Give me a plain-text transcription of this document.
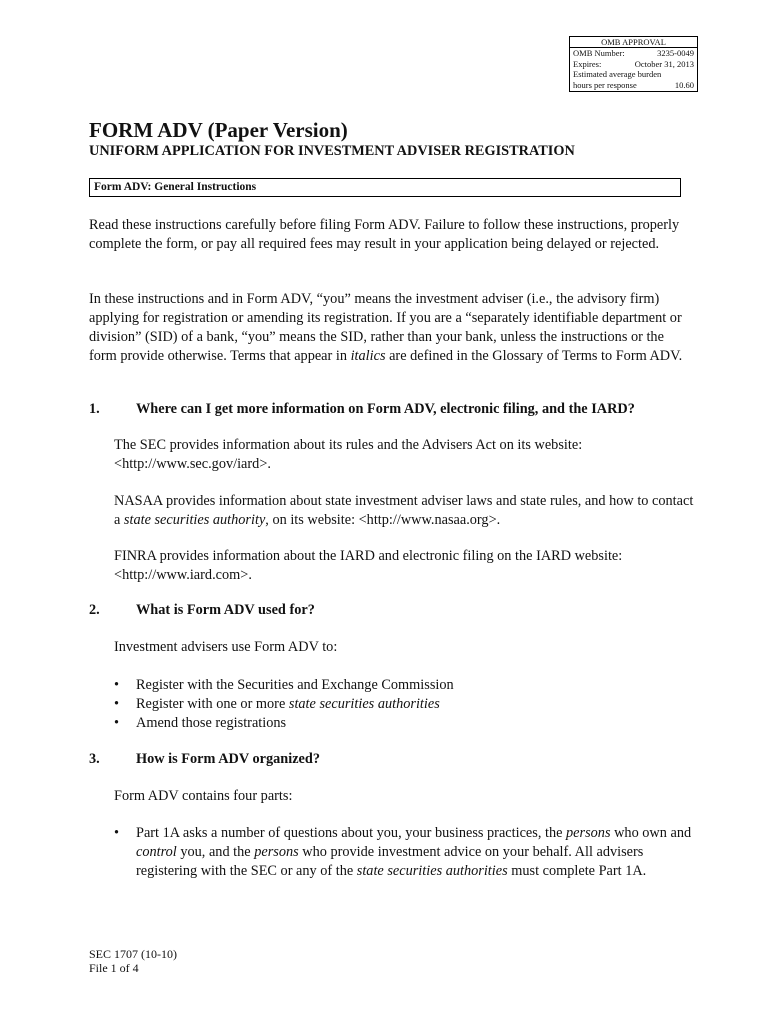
OMB APPROVAL
OMB Number:	3235-0049
Expires:	October 31, 2013
Estimated average burden
hours per response	10.60
FORM ADV (Paper Version)
UNIFORM APPLICATION FOR INVESTMENT ADVISER REGISTRATION
Form ADV: General Instructions
Read these instructions carefully before filing Form ADV. Failure to follow these instructions, properly complete the form, or pay all required fees may result in your application being delayed or rejected.
In these instructions and in Form ADV, “you” means the investment adviser (i.e., the advisory firm) applying for registration or amending its registration. If you are a “separately identifiable department or division” (SID) of a bank, “you” means the SID, rather than your bank, unless the instructions or the form provide otherwise. Terms that appear in italics are defined in the Glossary of Terms to Form ADV.
1.	Where can I get more information on Form ADV, electronic filing, and the IARD?
The SEC provides information about its rules and the Advisers Act on its website: <http://www.sec.gov/iard>.
NASAA provides information about state investment adviser laws and state rules, and how to contact a state securities authority, on its website: <http://www.nasaa.org>.
FINRA provides information about the IARD and electronic filing on the IARD website: <http://www.iard.com>.
2.	What is Form ADV used for?
Investment advisers use Form ADV to:
• Register with the Securities and Exchange Commission
• Register with one or more state securities authorities
• Amend those registrations
3.	How is Form ADV organized?
Form ADV contains four parts:
• Part 1A asks a number of questions about you, your business practices, the persons who own and control you, and the persons who provide investment advice on your behalf. All advisers registering with the SEC or any of the state securities authorities must complete Part 1A.
SEC 1707 (10-10)
File 1 of 4
